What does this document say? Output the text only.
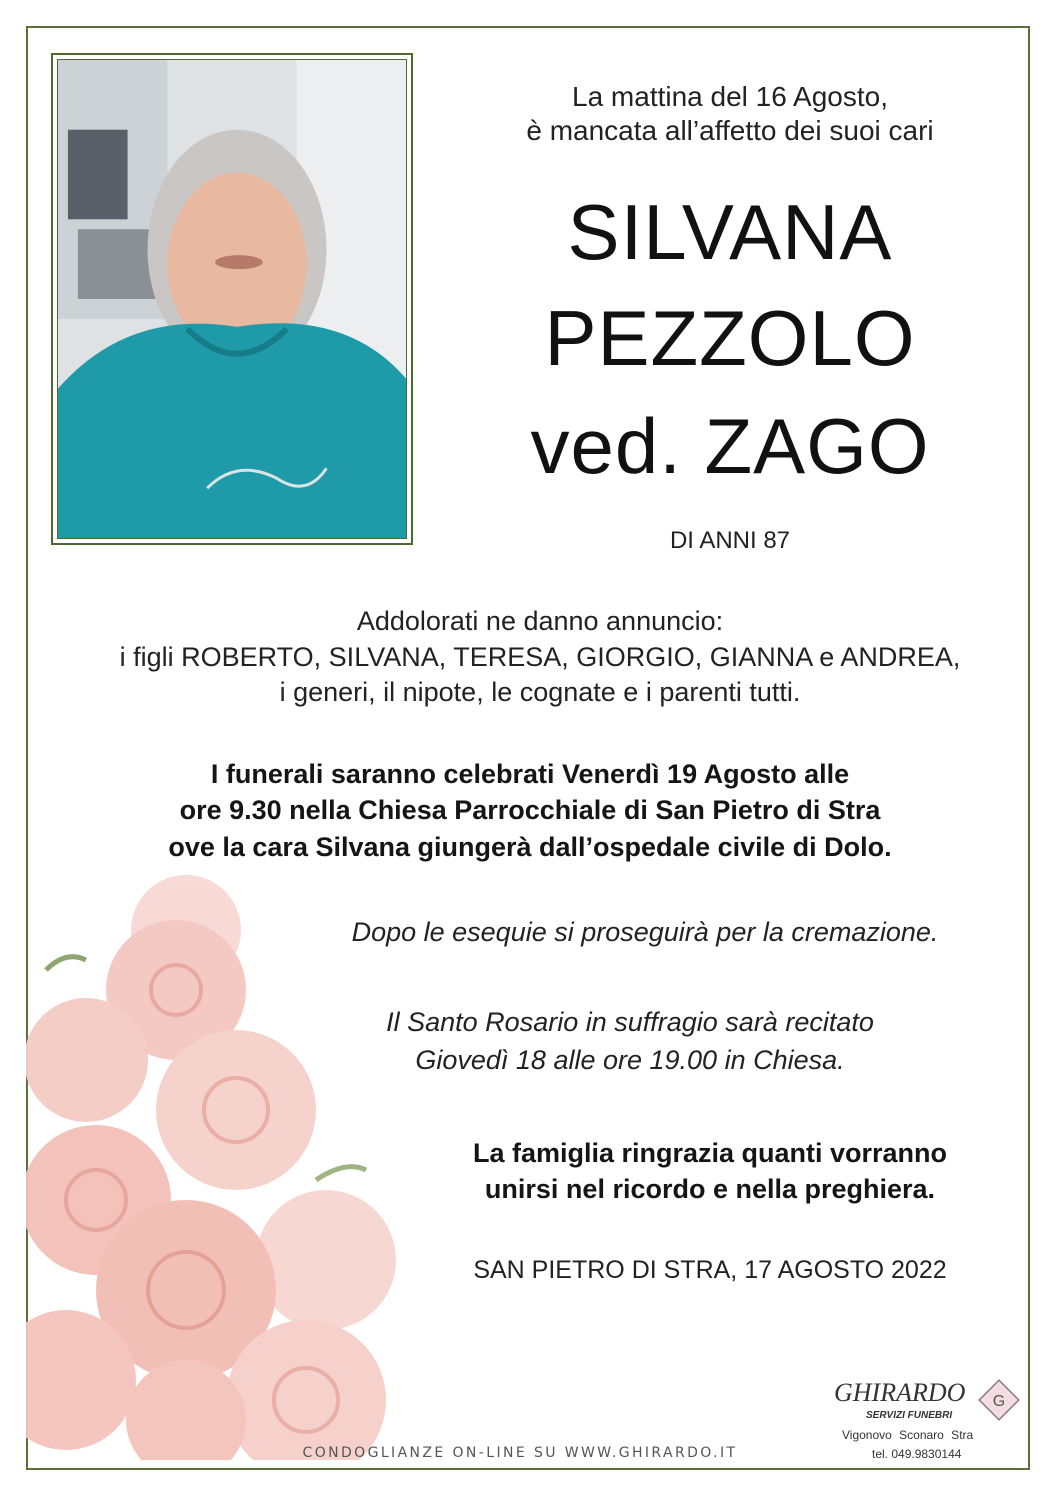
La mattina del 16 Agosto,
è mancata all’affetto dei suoi cari
SILVANA
PEZZOLO
ved. ZAGO
DI ANNI 87
Addolorati ne danno annuncio:
i figli ROBERTO, SILVANA, TERESA, GIORGIO, GIANNA e ANDREA,
i generi, il nipote, le cognate e i parenti tutti.
I funerali saranno celebrati Venerdì 19 Agosto alle
ore 9.30 nella Chiesa Parrocchiale di San Pietro di Stra
ove la cara Silvana giungerà dall’ospedale civile di Dolo.
Dopo le esequie si proseguirà per la cremazione.
Il Santo Rosario in suffragio sarà recitato
Giovedì 18 alle ore 19.00 in Chiesa.
La famiglia ringrazia quanti vorranno
unirsi nel ricordo e nella preghiera.
SAN PIETRO DI STRA, 17 AGOSTO 2022
CONDOGLIANZE ON-LINE SU WWW.GHIRARDO.IT
GHIRARDO
SERVIZI FUNEBRI
G
Vigonovo Sconaro Stra
tel. 049.9830144
